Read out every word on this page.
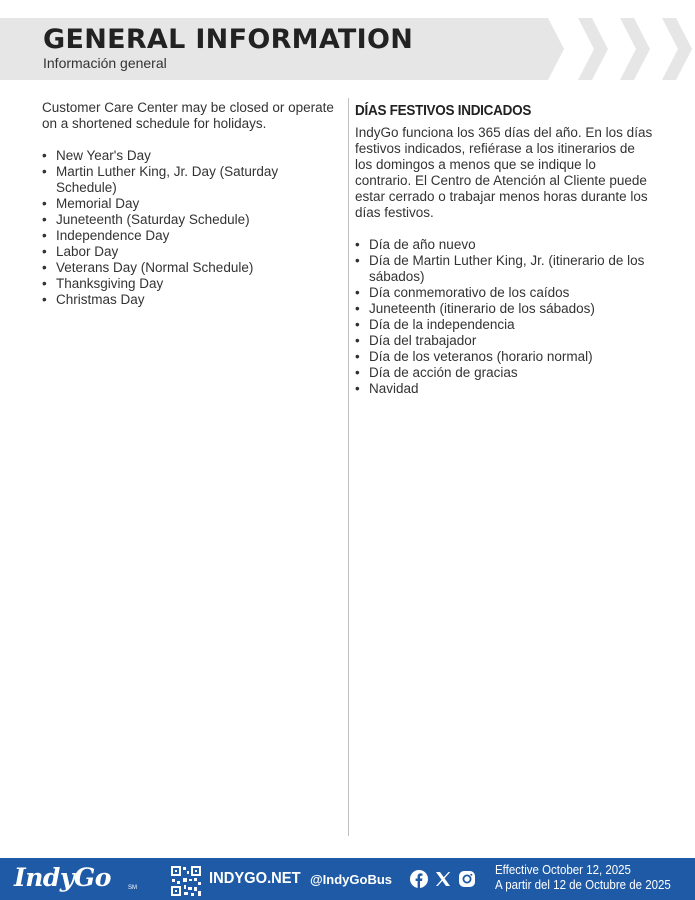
GENERAL INFORMATION
Información general

Customer Care Center may be closed or operate on a shortened schedule for holidays.

• New Year's Day
• Martin Luther King, Jr. Day (Saturday Schedule)
• Memorial Day
• Juneteenth (Saturday Schedule)
• Independence Day
• Labor Day
• Veterans Day (Normal Schedule)
• Thanksgiving Day
• Christmas Day
DÍAS FESTIVOS INDICADOS

IndyGo funciona los 365 días del año. En los días festivos indicados, refiérase a los itinerarios de los domingos a menos que se indique lo contrario. El Centro de Atención al Cliente puede estar cerrado o trabajar menos horas durante los días festivos.

• Día de año nuevo
• Día de Martin Luther King, Jr. (itinerario de los sábados)
• Día conmemorativo de los caídos
• Juneteenth (itinerario de los sábados)
• Día de la independencia
• Día del trabajador
• Día de los veteranos (horario normal)
• Día de acción de gracias
• Navidad
IndyGo	SM
INDYGO.NET @IndyGoBus
Effective October 12, 2025
A partir del 12 de Octubre de 2025
